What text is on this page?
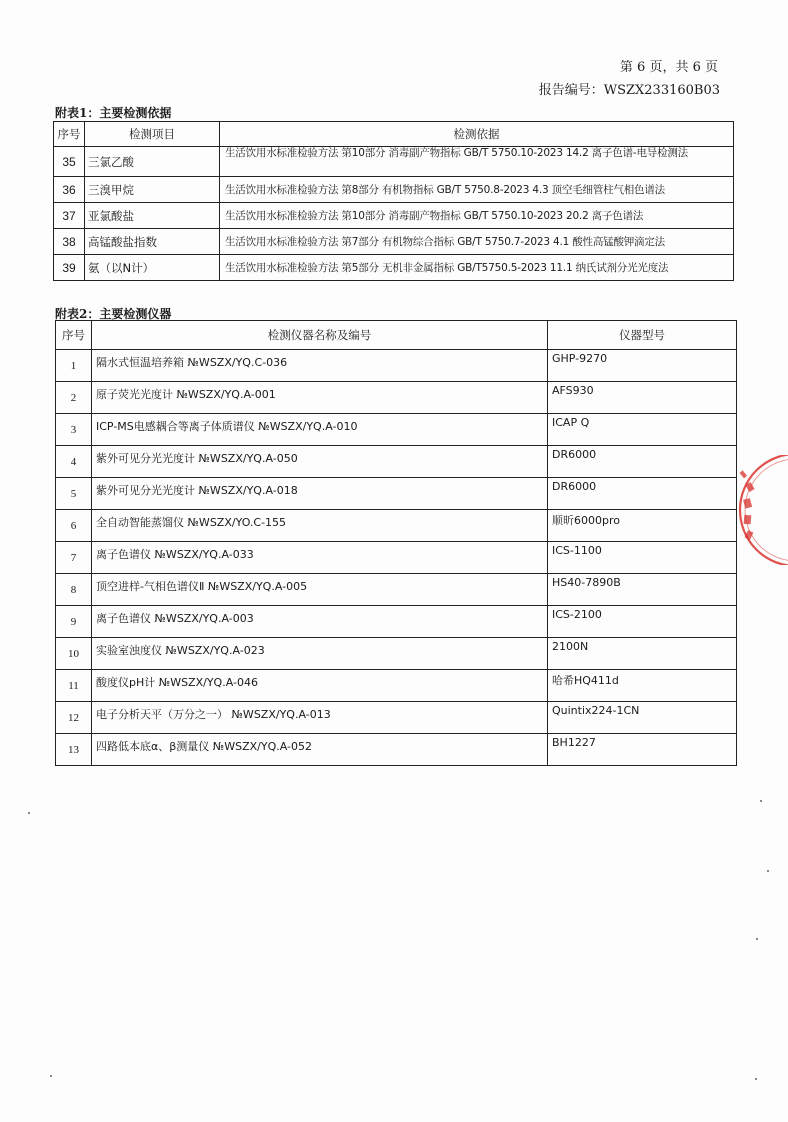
第 6 页，共 6 页
报告编号：WSZX233160B03
附表1：主要检测依据
序号	检测项目	检测依据
35	三氯乙酸	生活饮用水标准检验方法 第10部分 消毒副产物指标 GB/T 5750.10-2023 14.2 离子色谱-电导检测法
36	三溴甲烷	生活饮用水标准检验方法 第8部分 有机物指标 GB/T 5750.8-2023 4.3 顶空毛细管柱气相色谱法
37	亚氯酸盐	生活饮用水标准检验方法 第10部分 消毒副产物指标 GB/T 5750.10-2023 20.2 离子色谱法
38	高锰酸盐指数	生活饮用水标准检验方法 第7部分 有机物综合指标 GB/T 5750.7-2023 4.1 酸性高锰酸钾滴定法
39	氨（以N计）	生活饮用水标准检验方法 第5部分 无机非金属指标 GB/T5750.5-2023 11.1 纳氏试剂分光光度法
附表2：主要检测仪器
序号	检测仪器名称及编号	仪器型号
1	隔水式恒温培养箱 №WSZX/YQ.C-036	GHP-9270
2	原子荧光光度计 №WSZX/YQ.A-001	AFS930
3	ICP-MS电感耦合等离子体质谱仪 №WSZX/YQ.A-010	ICAP Q
4	紫外可见分光光度计 №WSZX/YQ.A-050	DR6000
5	紫外可见分光光度计 №WSZX/YQ.A-018	DR6000
6	全自动智能蒸馏仪 №WSZX/YO.C-155	顺昕6000pro
7	离子色谱仪 №WSZX/YQ.A-033	ICS-1100
8	顶空进样-气相色谱仪Ⅱ №WSZX/YQ.A-005	HS40-7890B
9	离子色谱仪 №WSZX/YQ.A-003	ICS-2100
10	实验室浊度仪 №WSZX/YQ.A-023	2100N
11	酸度仪pH计 №WSZX/YQ.A-046	哈希HQ411d
12	电子分析天平（万分之一） №WSZX/YQ.A-013	Quintix224-1CN
13	四路低本底α、β测量仪 №WSZX/YQ.A-052	BH1227
